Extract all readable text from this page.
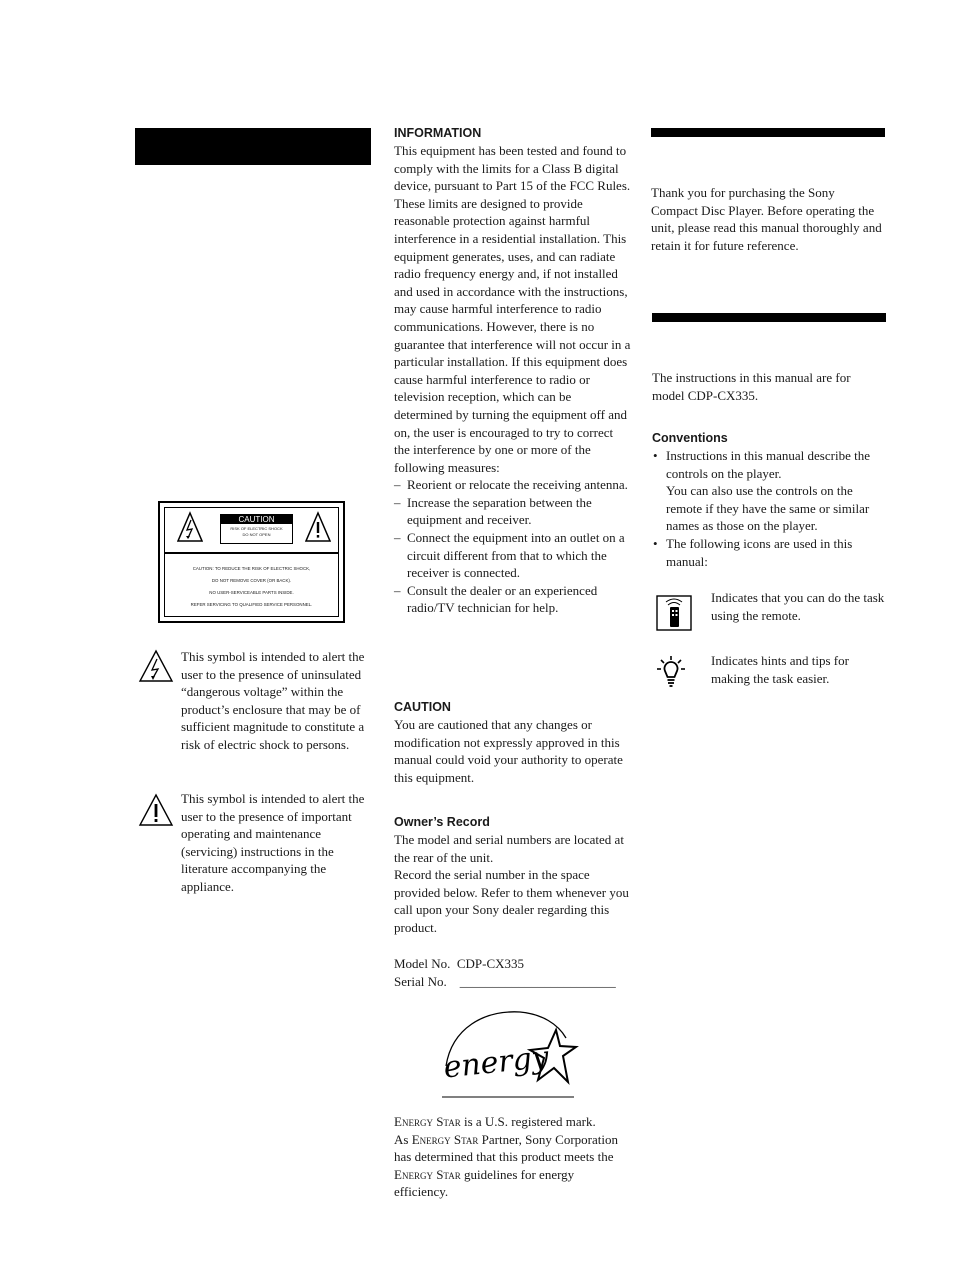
CAUTION
RISK OF ELECTRIC SHOCK
DO NOT OPEN
CAUTION: TO REDUCE THE RISK OF ELECTRIC SHOCK,
DO NOT REMOVE COVER (OR BACK).
NO USER-SERVICEABLE PARTS INSIDE.
REFER SERVICING TO QUALIFIED SERVICE PERSONNEL.
This symbol is intended to alert the user to the presence of uninsulated “dangerous voltage” within the product’s enclosure that may be of sufficient magnitude to constitute a risk of electric shock to persons.
This symbol is intended to alert the user to the presence of important operating and maintenance (servicing) instructions in the literature accompanying the appliance.
INFORMATION

This equipment has been tested and found to comply with the limits for a Class B digital device, pursuant to Part 15 of the FCC Rules. These limits are designed to provide reasonable protection against harmful interference in a residential installation. This equipment generates, uses, and can radiate radio frequency energy and, if not installed and used in accordance with the instructions, may cause harmful interference to radio communications. However, there is no guarantee that interference will not occur in a particular installation. If this equipment does cause harmful interference to radio or television reception, which can be determined by turning the equipment off and on, the user is encouraged to try to correct the interference by one or more of the following measures:

– Reorient or relocate the receiving antenna.
– Increase the separation between the equipment and receiver.
– Connect the equipment into an outlet on a circuit different from that to which the receiver is connected.
– Consult the dealer or an experienced radio/TV technician for help.
CAUTION

You are cautioned that any changes or modification not expressly approved in this manual could void your authority to operate this equipment.

Owner’s Record

The model and serial numbers are located at the rear of the unit.

Record the serial number in the space provided below. Refer to them whenever you call upon your Sony dealer regarding this product.

Model No. CDP-CX335
Serial No. ________________________
energy

Energy Star is a U.S. registered mark.

As Energy Star Partner, Sony Corporation has determined that this product meets the Energy Star guidelines for energy efficiency.

Thank you for purchasing the Sony Compact Disc Player. Before operating the unit, please read this manual thoroughly and retain it for future reference.
The instructions in this manual are for model CDP-CX335.
Conventions
• Instructions in this manual describe the controls on the player.
You can also use the controls on the remote if they have the same or similar names as those on the player.
• The following icons are used in this manual:
Indicates that you can do the task using the remote.
Indicates hints and tips for making the task easier.
